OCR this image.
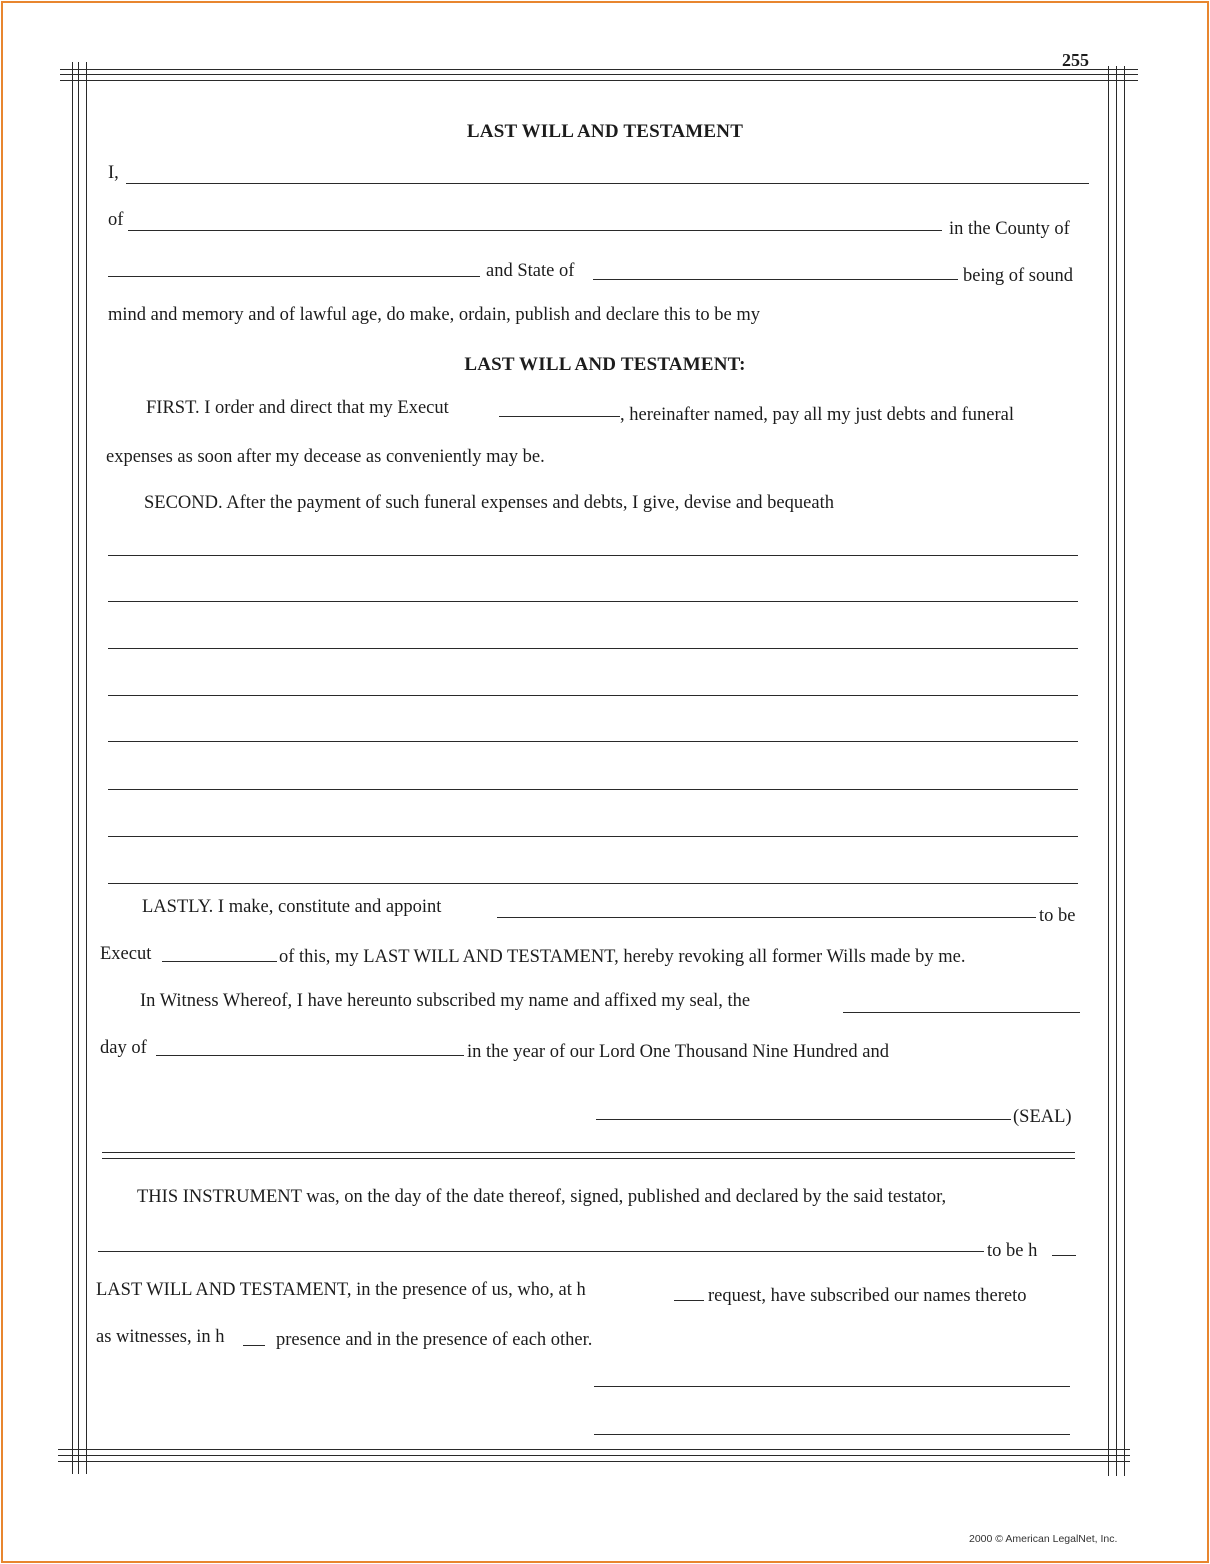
255
LAST WILL AND TESTAMENT
I,
of	in the County of
and State of	being of sound
mind and memory and of lawful age, do make, ordain, publish and declare this to be my
LAST WILL AND TESTAMENT:
FIRST. I order and direct that my Execut	, hereinafter named, pay all my just debts and funeral
expenses as soon after my decease as conveniently may be.
SECOND. After the payment of such funeral expenses and debts, I give, devise and bequeath
LASTLY. I make, constitute and appoint	to be
Execut	of this, my LAST WILL AND TESTAMENT, hereby revoking all former Wills made by me.
In Witness Whereof, I have hereunto subscribed my name and affixed my seal, the
day of	in the year of our Lord One Thousand Nine Hundred and
(SEAL)
THIS INSTRUMENT was, on the day of the date thereof, signed, published and declared by the said testator,
to be h
LAST WILL AND TESTAMENT, in the presence of us, who, at h	request, have subscribed our names thereto
as witnesses, in h	presence and in the presence of each other.
2000 © American LegalNet, Inc.
